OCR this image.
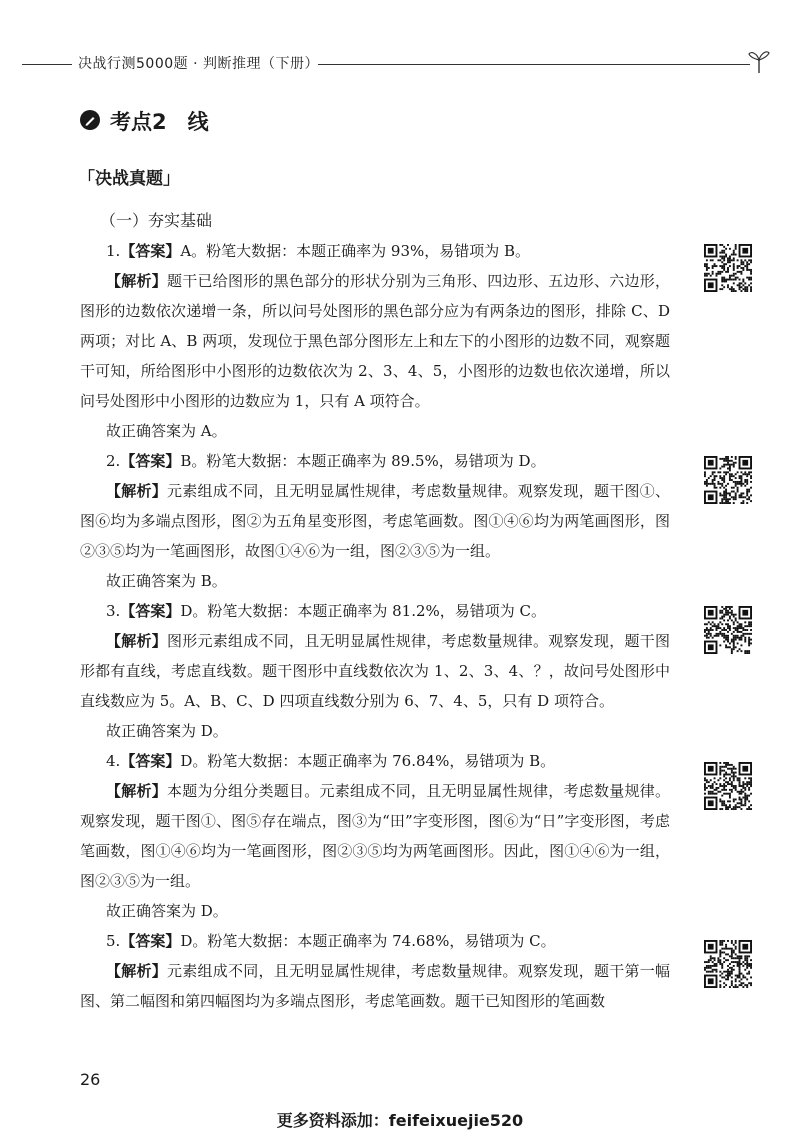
决战行测5000题 · 判断推理（下册）
考点2　线
「决战真题」
（一）夯实基础

1.【答案】A。粉笔大数据：本题正确率为 93%，易错项为 B。

【解析】题干已给图形的黑色部分的形状分别为三角形、四边形、五边形、六边形，图形的边数依次递增一条，所以问号处图形的黑色部分应为有两条边的图形，排除 C、D 两项；对比 A、B 两项，发现位于黑色部分图形左上和左下的小图形的边数不同，观察题干可知，所给图形中小图形的边数依次为 2、3、4、5，小图形的边数也依次递增，所以问号处图形中小图形的边数应为 1，只有 A 项符合。

故正确答案为 A。

2.【答案】B。粉笔大数据：本题正确率为 89.5%，易错项为 D。

【解析】元素组成不同，且无明显属性规律，考虑数量规律。观察发现，题干图①、图⑥均为多端点图形，图②为五角星变形图，考虑笔画数。图①④⑥均为两笔画图形，图②③⑤均为一笔画图形，故图①④⑥为一组，图②③⑤为一组。

故正确答案为 B。

3.【答案】D。粉笔大数据：本题正确率为 81.2%，易错项为 C。

【解析】图形元素组成不同，且无明显属性规律，考虑数量规律。观察发现，题干图形都有直线，考虑直线数。题干图形中直线数依次为 1、2、3、4、？，故问号处图形中直线数应为 5。A、B、C、D 四项直线数分别为 6、7、4、5，只有 D 项符合。

故正确答案为 D。

4.【答案】D。粉笔大数据：本题正确率为 76.84%，易错项为 B。

【解析】本题为分组分类题目。元素组成不同，且无明显属性规律，考虑数量规律。观察发现，题干图①、图⑤存在端点，图③为“田”字变形图，图⑥为“日”字变形图，考虑笔画数，图①④⑥均为一笔画图形，图②③⑤均为两笔画图形。因此，图①④⑥为一组，图②③⑤为一组。

故正确答案为 D。

5.【答案】D。粉笔大数据：本题正确率为 74.68%，易错项为 C。

【解析】元素组成不同，且无明显属性规律，考虑数量规律。观察发现，题干第一幅图、第二幅图和第四幅图均为多端点图形，考虑笔画数。题干已知图形的笔画数

26
更多资料添加：feifeixuejie520
